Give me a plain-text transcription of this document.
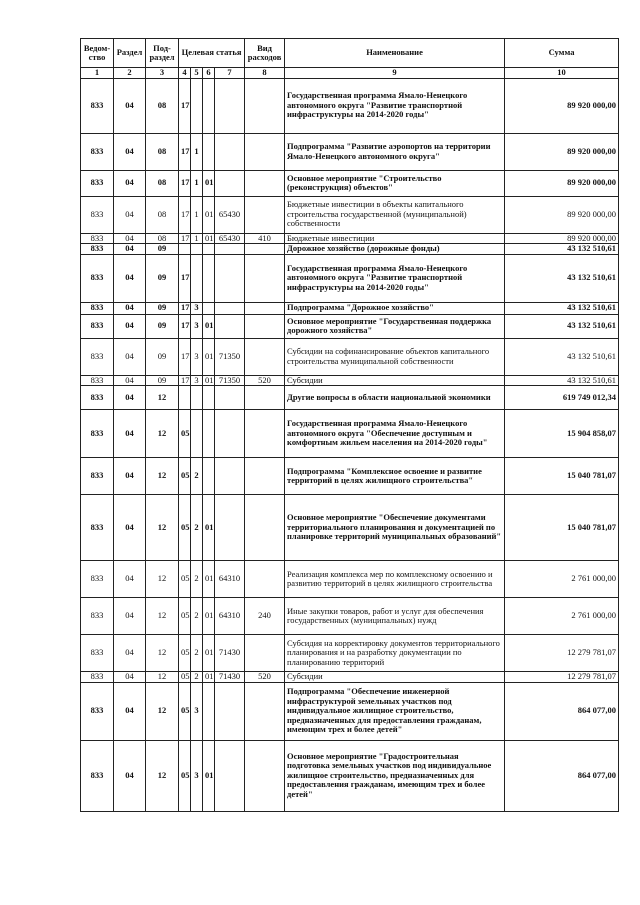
Ведом-
ство	Раздел	Под-
раздел	Целевая статья				Вид
расходов	Наименование	Сумма
1	2	3	4	5	6	7	8	9	10
833	04	08	17					Государственная программа Ямало-Ненецкого автономного округа "Развитие транспортной инфраструктуры на 2014-2020 годы"	89 920 000,00
833	04	08	17	1				Подпрограмма "Развитие аэропортов на территории Ямало-Ненецкого автономного округа"	89 920 000,00
833	04	08	17	1	01			Основное мероприятие "Строительство (реконструкция) объектов"	89 920 000,00
833	04	08	17	1	01	65430		Бюджетные инвестиции в объекты капитального строительства государственной (муниципальной) собственности	89 920 000,00
833	04	08	17	1	01	65430	410	Бюджетные инвестиции	89 920 000,00
833	04	09						Дорожное хозяйство (дорожные фонды)	43 132 510,61
833	04	09	17					Государственная программа Ямало-Ненецкого автономного округа "Развитие транспортной инфраструктуры на 2014-2020 годы"	43 132 510,61
833	04	09	17	3				Подпрограмма "Дорожное хозяйство"	43 132 510,61
833	04	09	17	3	01			Основное мероприятие "Государственная поддержка дорожного хозяйства"	43 132 510,61
833	04	09	17	3	01	71350		Субсидии на софинансирование объектов капитального строительства муниципальной собственности	43 132 510,61
833	04	09	17	3	01	71350	520	Субсидии	43 132 510,61
833	04	12						Другие вопросы в области национальной экономики	619 749 012,34
833	04	12	05					Государственная программа Ямало-Ненецкого автономного округа "Обеспечение доступным и комфортным жильем населения на 2014-2020 годы"	15 904 858,07
833	04	12	05	2				Подпрограмма "Комплексное освоение и развитие территорий в целях жилищного строительства"	15 040 781,07
833	04	12	05	2	01			Основное мероприятие "Обеспечение документами территориального планирования и документацией по планировке территорий муниципальных образований"	15 040 781,07
833	04	12	05	2	01	64310		Реализация комплекса мер по комплексному освоению и развитию территорий в целях жилищного строительства	2 761 000,00
833	04	12	05	2	01	64310	240	Иные закупки товаров, работ и услуг для обеспечения государственных (муниципальных) нужд	2 761 000,00
833	04	12	05	2	01	71430		Субсидия на корректировку документов территориального планирования и на разработку документации по планированию территорий	12 279 781,07
833	04	12	05	2	01	71430	520	Субсидии	12 279 781,07
833	04	12	05	3				Подпрограмма "Обеспечение инженерной инфраструктурой земельных участков под индивидуальное жилищное строительство, предназначенных для предоставления гражданам, имеющим трех и более детей"	864 077,00
833	04	12	05	3	01			Основное мероприятие "Градостроительная подготовка земельных участков под индивидуальное жилищное строительство, предназначенных для предоставления гражданам, имеющим трех и более детей"	864 077,00
